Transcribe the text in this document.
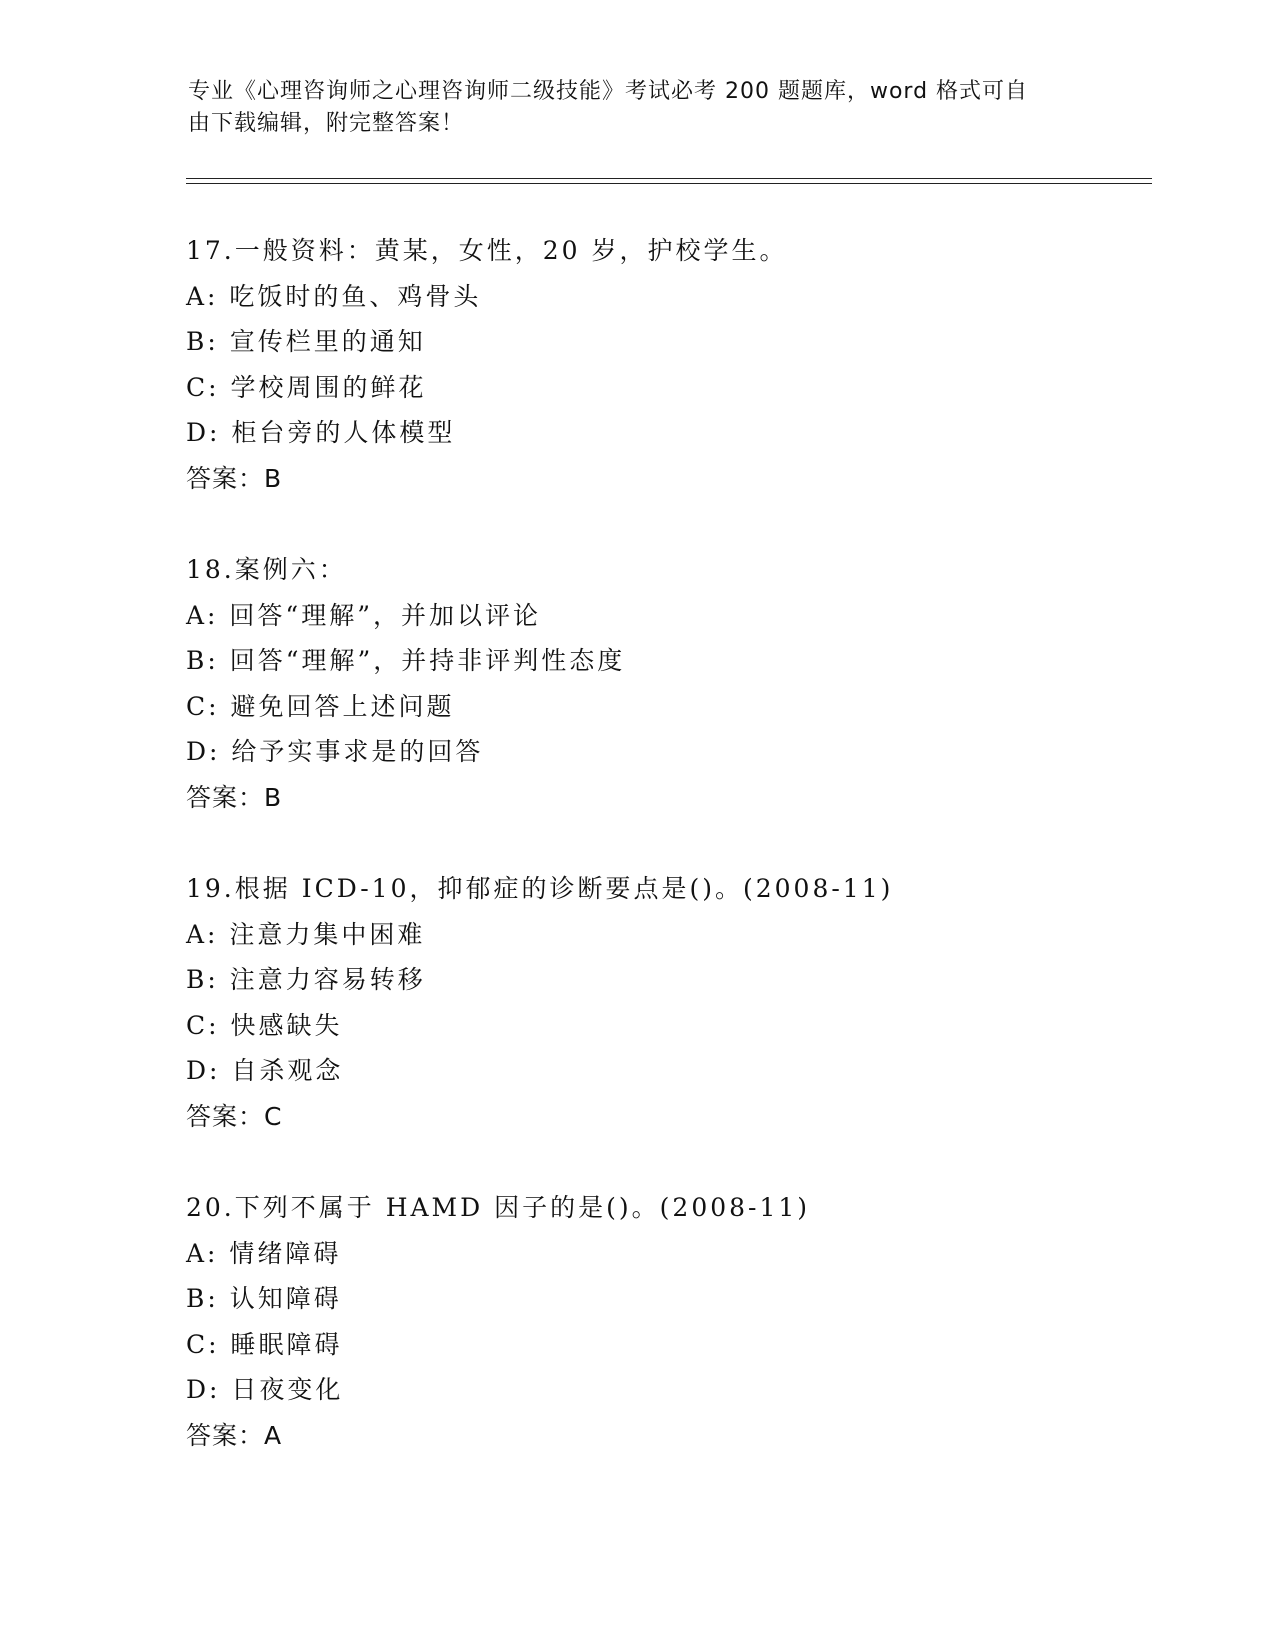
专业《心理咨询师之心理咨询师二级技能》考试必考 200 题题库，word 格式可自
由下载编辑，附完整答案！
17.一般资料：黄某，女性，20 岁，护校学生。
A: 吃饭时的鱼、鸡骨头
B: 宣传栏里的通知
C: 学校周围的鲜花
D: 柜台旁的人体模型
答案：B
18.案例六：
A: 回答“理解”，并加以评论
B: 回答“理解”，并持非评判性态度
C: 避免回答上述问题
D: 给予实事求是的回答
答案：B
19.根据 ICD-10，抑郁症的诊断要点是()。(2008-11)
A: 注意力集中困难
B: 注意力容易转移
C: 快感缺失
D: 自杀观念
答案：C
20.下列不属于 HAMD 因子的是()。(2008-11)
A: 情绪障碍
B: 认知障碍
C: 睡眠障碍
D: 日夜变化
答案：A
